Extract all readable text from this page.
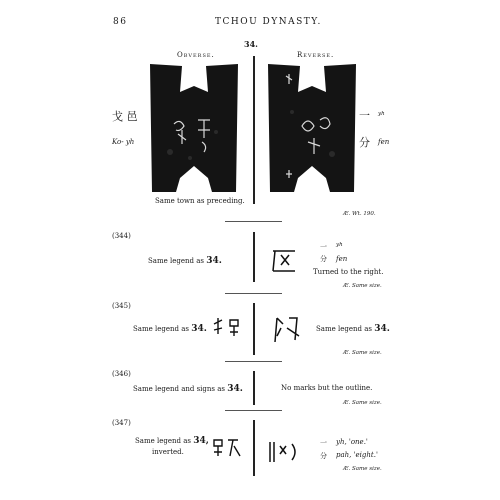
86	TCHOU DYNASTY.
34.
Obverse.	Reverse.
戈 邑
Ko- yh
一 yh
分 fen
Same town as preceding.
Æ. Wt. 190.
(344)
Same legend as 34.
一 yh
分 fen
Turned to the right.
Æ. Same size.
(345)
Same legend as 34.	Same legend as 34.
Æ. Same size.
(346)
Same legend and signs as 34.	No marks but the outline.
Æ. Same size.
(347)
Same legend as 34,
inverted.
一 yh, 'one.'
分 pah, 'eight.'
Æ. Same size.
